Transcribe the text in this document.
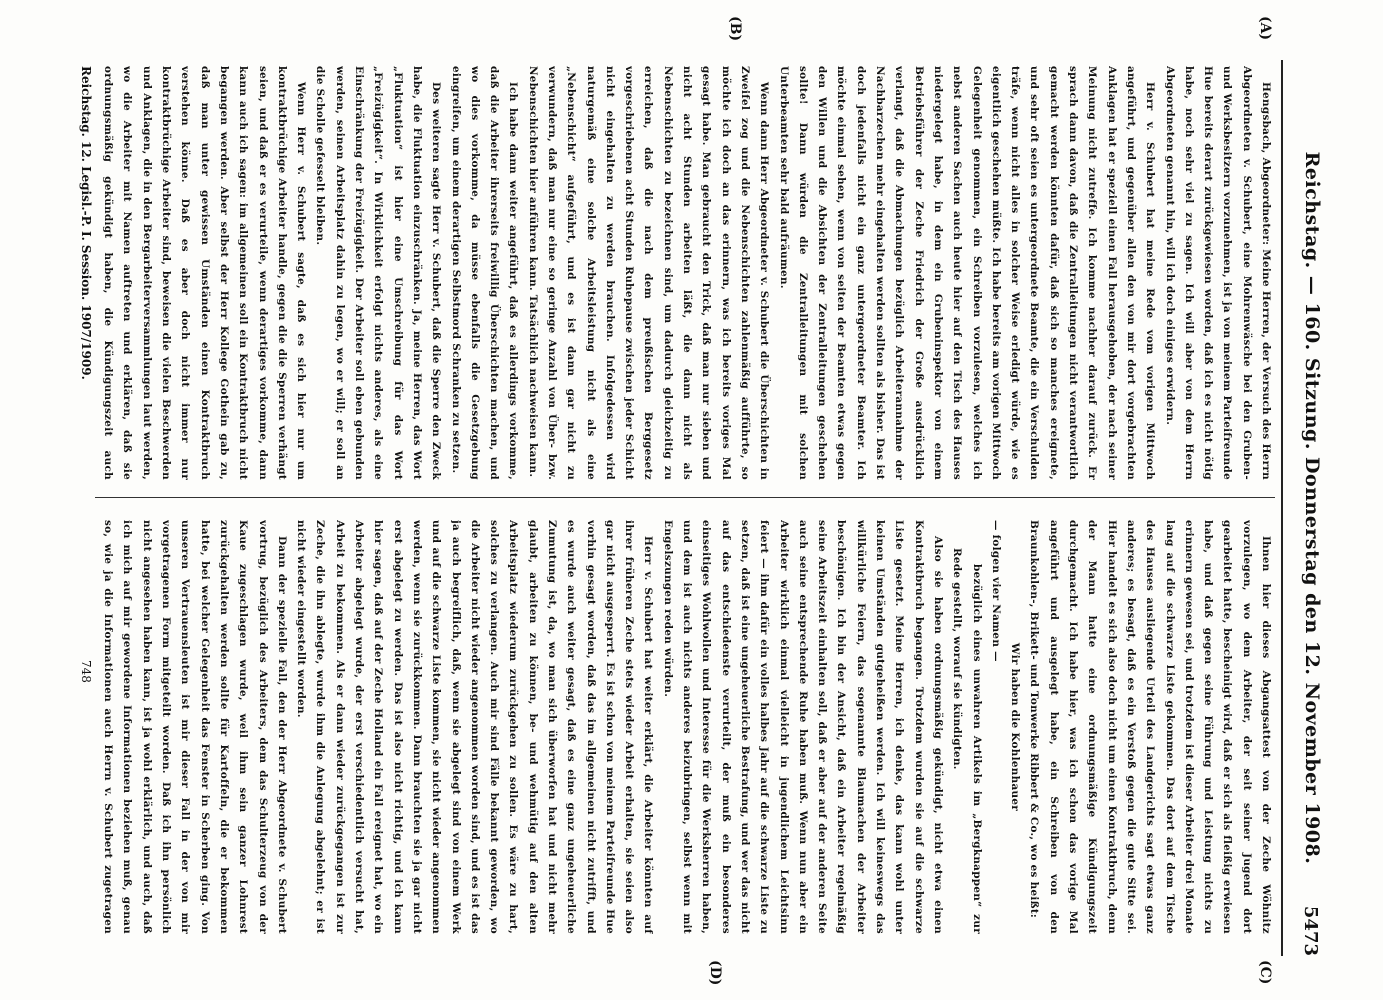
Reichstag. — 160. Sitzung. Donnerstag den 12. November 1908.
5473
(A)
(B)
(C)
(D)

Hengsbach, Abgeordneter: Meine Herren, der Versuch des Herrn Abgeordneten v. Schubert, eine Mohrenwäsche bei den Gruben- und Werksbesitzern vorzunehmen, ist ja von meinem Parteifreunde Hue bereits derart zurückgewiesen worden, daß ich es nicht nötig habe, noch sehr viel zu sagen. Ich will aber von dem Herrn Abgeordneten genannt hin, will ich doch einiges erwidern.

Herr v. Schubert hat meine Rede vom vorigen Mittwoch angeführt, und gegenüber allen den von mir dort vorgebrachten Anklagen hat er speziell einen Fall herausgehoben, der nach seiner Meinung nicht zutreffe. Ich komme nachher darauf zurück. Er sprach dann davon, daß die Zentralleitungen nicht verantwortlich gemacht werden könnten dafür, daß sich so manches ereignete, und sehr oft seien es untergeordnete Beamte, die ein Verschulden träfe, wenn nicht alles in solcher Weise erledigt würde, wie es eigentlich geschehen müßte. Ich habe bereits am vorigen Mittwoch Gelegenheit genommen, ein Schreiben vorzulesen, welches ich nebst anderen Sachen auch heute hier auf den Tisch des Hauses niedergelegt habe, in dem ein Grubeninspektor von einem Betriebsführer der Zeche Friedrich der Große ausdrücklich verlangt, daß die Abmachungen bezüglich Arbeiterannahme der Nachbarzechen mehr eingehalten werden sollten als bisher. Das ist doch jedenfalls nicht ein ganz untergeordneter Beamter. Ich möchte einmal sehen, wenn von seiten der Beamten etwas gegen den Willen und die Absichten der Zentralleitungen geschehen sollte! Dann würden die Zentralleitungen mit solchen Unterbeamten sehr bald aufräumen.

Wenn dann Herr Abgeordneter v. Schubert die Überschichten in Zweifel zog und die Nebenschichten zahlenmäßig aufführte, so möchte ich doch an das erinnern, was ich bereits voriges Mal gesagt habe. Man gebraucht den Trick, daß man nur sieben und nicht acht Stunden arbeiten läßt, die dann nicht als Nebenschichten zu bezeichnen sind, um dadurch gleichzeitig zu erreichen, daß die nach dem preußischen Berggesetz vorgeschriebenen acht Stunden Ruhepause zwischen jeder Schicht nicht eingehalten zu werden brauchen. Infolgedessen wird naturgemäß eine solche Arbeitsleistung nicht als eine „Nebenschicht“ aufgeführt, und es ist dann gar nicht zu verwundern, daß man nur eine so geringe Anzahl von Über- bzw. Nebenschichten hier anführen kann. Tatsächlich nachweisen kann.

Ich habe dann weiter angeführt, daß es allerdings vorkomme, daß die Arbeiter ihrerseits freiwillig Überschichten machen, und wo dies vorkomme, da müsse ebenfalls die Gesetzgebung eingreifen, um einem derartigen Selbstmord Schranken zu setzen.

Des weiteren sagte Herr v. Schubert, daß die Sperre den Zweck habe, die Fluktuation einzuschränken. Ja, meine Herren, das Wort „Fluktuation“ ist hier eine Umschreibung für das Wort „Freizügigkeit“. In Wirklichkeit erfolgt nichts anderes, als eine Einschränkung der Freizügigkeit. Der Arbeiter soll eben gebunden werden, seinen Arbeitsplatz dahin zu legen, wo er will; er soll an die Scholle gefesselt bleiben.

Wenn Herr v. Schubert sagte, daß es sich hier nur um kontraktbrüchige Arbeiter handle, gegen die die Sperren verhängt seien, und daß er es verurteile, wenn derartiges vorkomme, dann kann auch ich sagen: im allgemeinen soll ein Kontraktbruch nicht begangen werden. Aber selbst der Herr Kollege Gothein gab zu, daß man unter gewissen Umständen einen Kontraktbruch verstehen könne. Daß es aber doch nicht immer nur kontraktbrüchige Arbeiter sind, beweisen die vielen Beschwerden und Anklagen, die in den Bergarbeiterversammlungen laut werden, wo die Arbeiter mit Namen auftreten und erklären, daß sie ordnungsmäßig gekündigt haben, die Kündigungszeit auch

Ihnen hier dieses Abgangsattest von der Zeche Wöhnitz vorzulegen, wo dem Arbeiter, der seit seiner Jugend dort gearbeitet hatte, bescheinigt wird, daß er sich als fleißig erwiesen habe, und daß gegen seine Führung und Leistung nichts zu erinnern gewesen sei, und trotzdem ist dieser Arbeiter drei Monate lang auf die schwarze Liste gekommen. Das dort auf dem Tische des Hauses ausliegende Urteil des Landgerichts sagt etwas ganz anderes; es besagt, daß es ein Verstoß gegen die gute Sitte sei. Hier handelt es sich also doch nicht um einen Kontraktbruch, denn der Mann hatte eine ordnungsmäßige Kündigungszeit durchgemacht. Ich habe hier, was ich schon das vorige Mal angeführt und ausgelegt habe, ein Schreiben von den Braunkohlen-, Brikett- und Tonwerke Ribbert & Co., wo es heißt:

Wir haben die Kohlenhauer

— folgen vier Namen —

bezüglich eines unwahren Artikels im „Bergknappen“ zur Rede gestellt, worauf sie kündigten.

Also sie haben ordnungsmäßig gekündigt, nicht etwa einen Kontraktbruch begangen. Trotzdem wurden sie auf die schwarze Liste gesetzt. Meine Herren, ich denke, das kann wohl unter keinen Umständen gutgeheißen werden. Ich will keineswegs das willkürliche Feiern, das sogenannte Blaumachen der Arbeiter beschönigen. Ich bin der Ansicht, daß ein Arbeiter regelmäßig seine Arbeitszeit einhalten soll, daß er aber auf der anderen Seite auch seine entsprechende Ruhe haben muß. Wenn nun aber ein Arbeiter wirklich einmal vielleicht in jugendlichem Leichtsinn feiert — ihm dafür ein volles halbes Jahr auf die schwarze Liste zu setzen, daß ist eine ungeheuerliche Bestrafung, und wer das nicht auf das entschiedenste verurteilt, der muß ein besonderes einseitiges Wohlwollen und Interesse für die Werksherren haben, und dem ist auch nichts anderes beizubringen, selbst wenn mit Engelszungen reden würden.

Herr v. Schubert hat weiter erklärt, die Arbeiter könnten auf ihrer früheren Zeche stets wieder Arbeit erhalten, sie seien also gar nicht ausgesperrt. Es ist schon von meinem Parteifreunde Hue vorhin gesagt worden, daß das im allgemeinen nicht zutrifft, und es wurde auch weiter gesagt, daß es eine ganz ungeheuerliche Zumutung ist, da, wo man sich überworfen hat und nicht mehr glaubt, arbeiten zu können, be- und wehmütig auf den alten Arbeitsplatz wiederum zurückgehen zu sollen. Es wäre zu hart, solches zu verlangen. Auch mir sind Fälle bekannt geworden, wo die Arbeiter nicht wieder angenommen worden sind, und es ist das ja auch begreiflich, daß, wenn sie abgelegt sind von einem Werk und auf die schwarze Liste kommen, sie nicht wieder angenommen werden, wenn sie zurückkommen. Dann brauchten sie ja gar nicht erst abgelegt zu werden. Das ist also nicht richtig, und ich kann hier sagen, daß auf der Zeche Holland ein Fall ereignet hat, wo ein Arbeiter abgelegt wurde, der erst verschiedentlich versucht hat, Arbeit zu bekommen. Als er dann wieder zurückgegangen ist zur Zeche, die ihn ablegte, wurde ihm die Anlegung abgelehnt; er ist nicht wieder eingestellt worden.

Dann der spezielle Fall, den der Herr Abgeordnete v. Schubert vortrug, bezüglich des Arbeiters, dem das Schulterzeug von der Kaue zugeschlagen wurde, weil ihm sein ganzer Lohnrest zurückgehalten werden sollte für Kartoffeln, die er bekommen hatte, bei welcher Gelegenheit das Fenster in Scherben ging. Von unseren Vertrauensleuten ist mir dieser Fall in der von mir vorgetragenen Form mitgeteilt worden. Daß ich ihn persönlich nicht angesehen haben kann, ist ja wohl erklärlich, und auch, daß ich mich auf mir gewordene Informationen beziehen muß, genau so, wie ja die Informationen auch Herrn v. Schubert zugetragen

Reichstag. 12. Legisl.-P. I. Session. 1907/1909.
748
